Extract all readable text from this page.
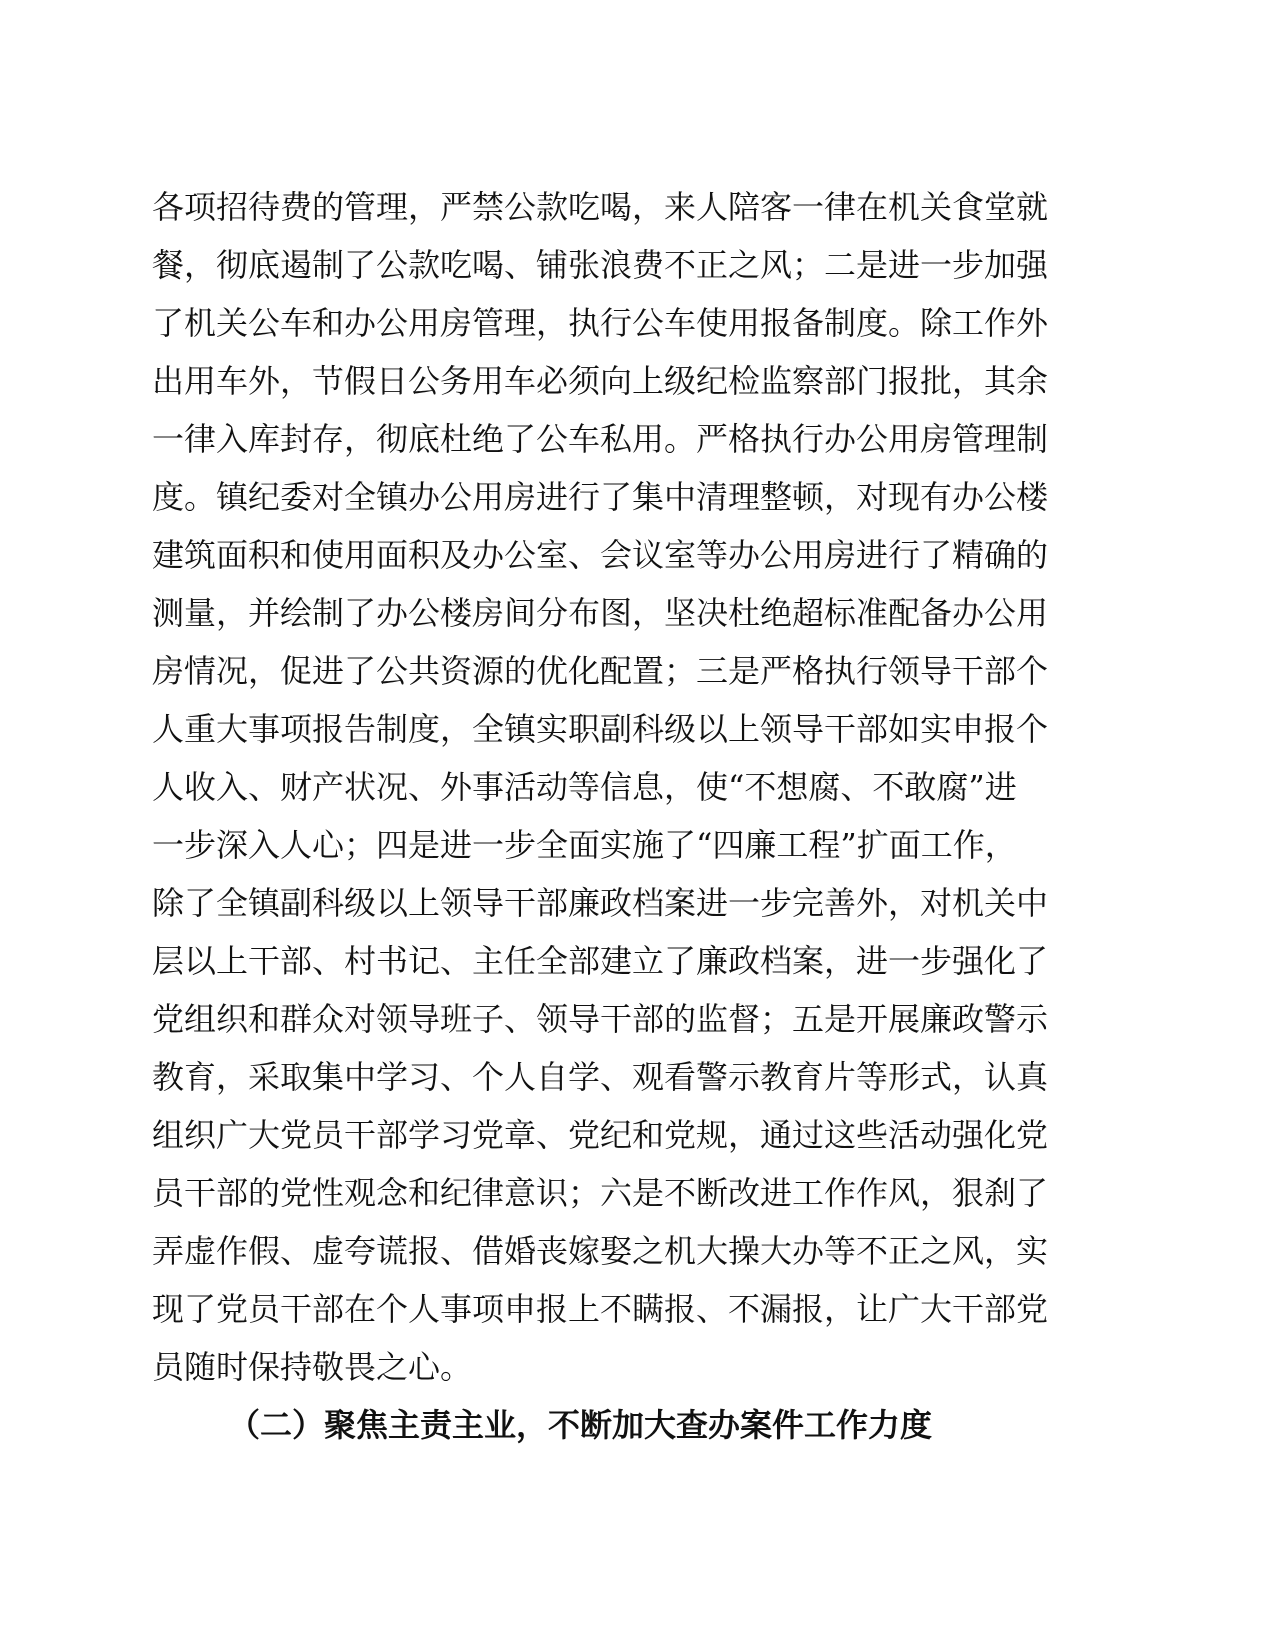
各项招待费的管理，严禁公款吃喝，来人陪客一律在机关食堂就
餐，彻底遏制了公款吃喝、铺张浪费不正之风；二是进一步加强
了机关公车和办公用房管理，执行公车使用报备制度。除工作外
出用车外，节假日公务用车必须向上级纪检监察部门报批，其余
一律入库封存，彻底杜绝了公车私用。严格执行办公用房管理制
度。镇纪委对全镇办公用房进行了集中清理整顿，对现有办公楼
建筑面积和使用面积及办公室、会议室等办公用房进行了精确的
测量，并绘制了办公楼房间分布图，坚决杜绝超标准配备办公用
房情况，促进了公共资源的优化配置；三是严格执行领导干部个
人重大事项报告制度，全镇实职副科级以上领导干部如实申报个
人收入、财产状况、外事活动等信息，使“不想腐、不敢腐”进
一步深入人心；四是进一步全面实施了“四廉工程”扩面工作，
除了全镇副科级以上领导干部廉政档案进一步完善外，对机关中
层以上干部、村书记、主任全部建立了廉政档案，进一步强化了
党组织和群众对领导班子、领导干部的监督；五是开展廉政警示
教育，采取集中学习、个人自学、观看警示教育片等形式，认真
组织广大党员干部学习党章、党纪和党规，通过这些活动强化党
员干部的党性观念和纪律意识；六是不断改进工作作风，狠刹了
弄虚作假、虚夸谎报、借婚丧嫁娶之机大操大办等不正之风，实
现了党员干部在个人事项申报上不瞒报、不漏报，让广大干部党
员随时保持敬畏之心。
（二）聚焦主责主业，不断加大查办案件工作力度
